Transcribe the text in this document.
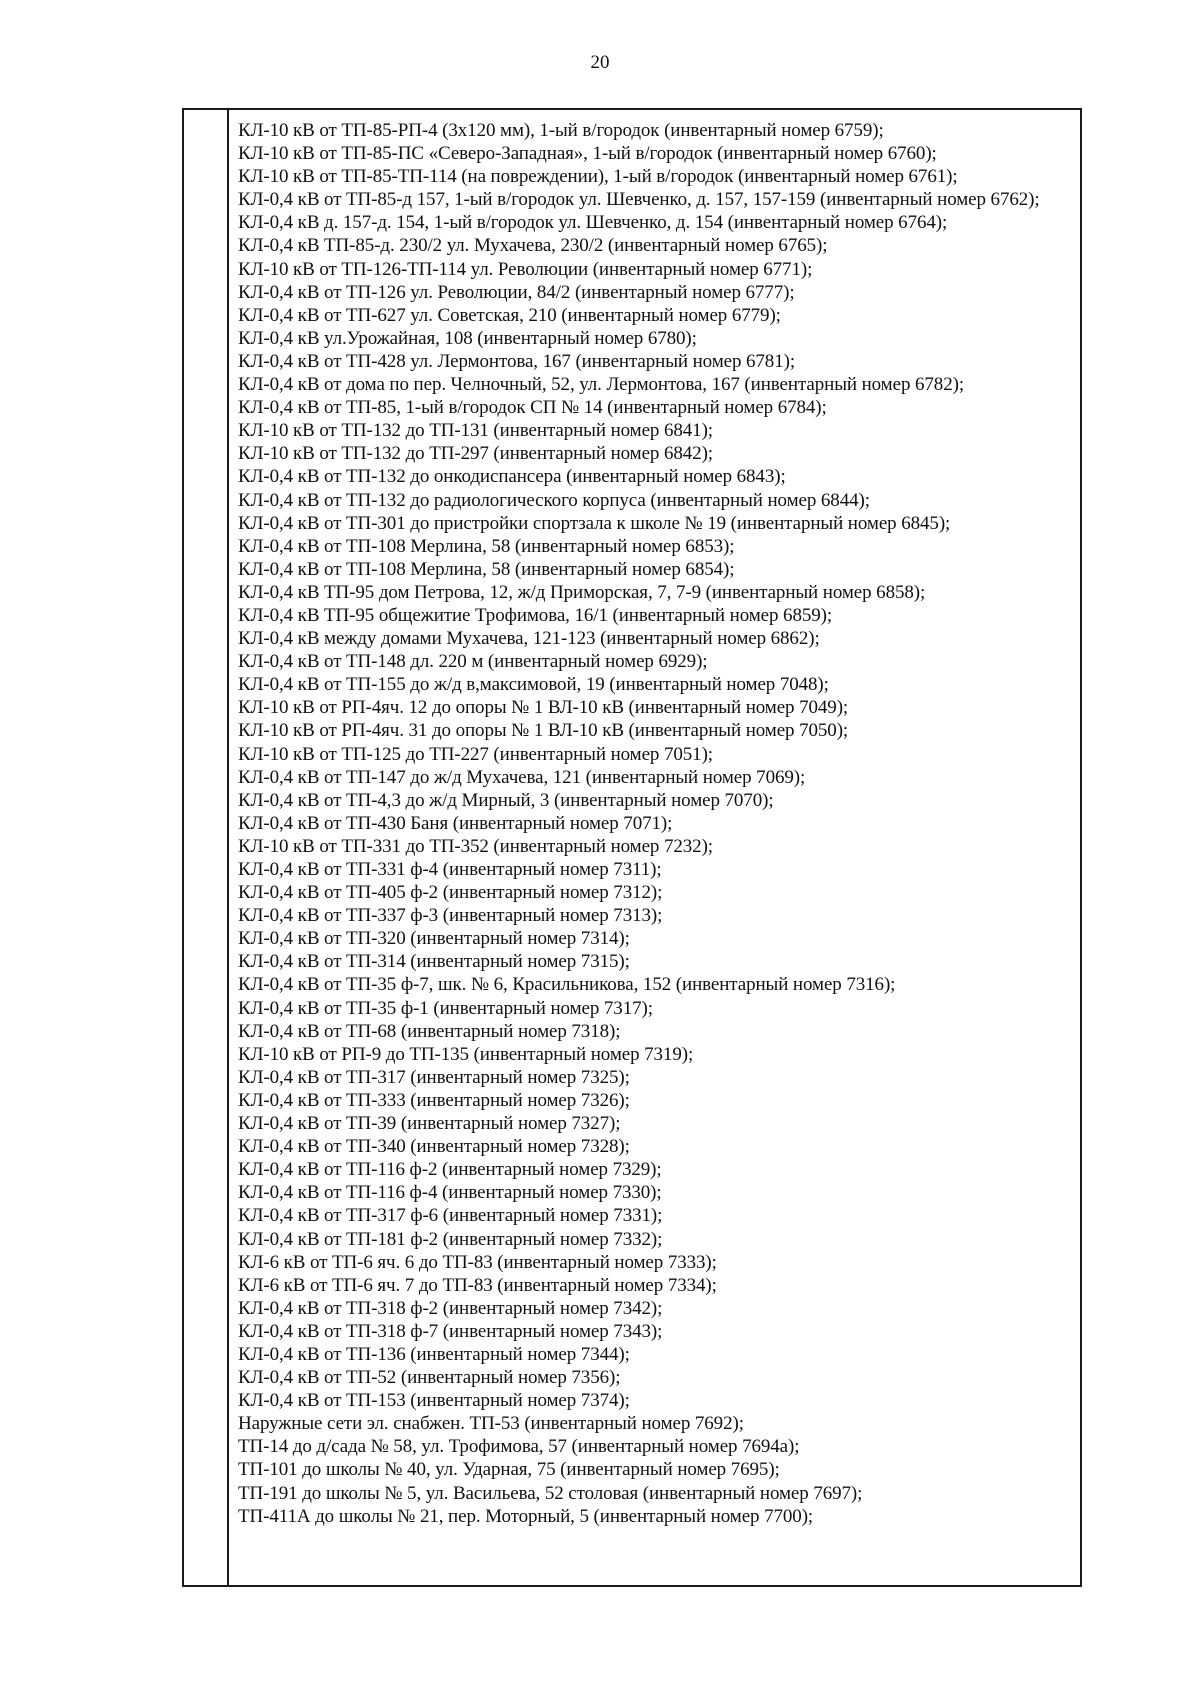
20
КЛ-10 кВ от ТП-85-РП-4 (3х120 мм), 1-ый в/городок (инвентарный номер 6759);
КЛ-10 кВ от ТП-85-ПС «Северо-Западная», 1-ый в/городок (инвентарный номер 6760);
КЛ-10 кВ от ТП-85-ТП-114 (на повреждении), 1-ый в/городок (инвентарный номер 6761);
КЛ-0,4 кВ от ТП-85-д 157, 1-ый в/городок ул. Шевченко, д. 157, 157-159 (инвентарный номер 6762);
КЛ-0,4 кВ д. 157-д. 154, 1-ый в/городок ул. Шевченко, д. 154 (инвентарный номер 6764);
КЛ-0,4 кВ ТП-85-д. 230/2 ул. Мухачева, 230/2 (инвентарный номер 6765);
КЛ-10 кВ от ТП-126-ТП-114 ул. Революции (инвентарный номер 6771);
КЛ-0,4 кВ от ТП-126 ул. Революции, 84/2 (инвентарный номер 6777);
КЛ-0,4 кВ от ТП-627 ул. Советская, 210 (инвентарный номер 6779);
КЛ-0,4 кВ ул.Урожайная, 108 (инвентарный номер 6780);
КЛ-0,4 кВ от ТП-428 ул. Лермонтова, 167 (инвентарный номер 6781);
КЛ-0,4 кВ от дома по пер. Челночный, 52, ул. Лермонтова, 167 (инвентарный номер 6782);
КЛ-0,4 кВ от ТП-85, 1-ый в/городок СП № 14 (инвентарный номер 6784);
КЛ-10 кВ от ТП-132 до ТП-131 (инвентарный номер 6841);
КЛ-10 кВ от ТП-132 до ТП-297 (инвентарный номер 6842);
КЛ-0,4 кВ от ТП-132 до онкодиспансера (инвентарный номер 6843);
КЛ-0,4 кВ от ТП-132 до радиологического корпуса (инвентарный номер 6844);
КЛ-0,4 кВ от ТП-301 до пристройки спортзала к школе № 19 (инвентарный номер 6845);
КЛ-0,4 кВ от ТП-108 Мерлина, 58 (инвентарный номер 6853);
КЛ-0,4 кВ от ТП-108 Мерлина, 58 (инвентарный номер 6854);
КЛ-0,4 кВ ТП-95 дом Петрова, 12, ж/д Приморская, 7, 7-9 (инвентарный номер 6858);
КЛ-0,4 кВ ТП-95 общежитие Трофимова, 16/1 (инвентарный номер 6859);
КЛ-0,4 кВ между домами Мухачева, 121-123 (инвентарный номер 6862);
КЛ-0,4 кВ от ТП-148 дл. 220 м (инвентарный номер 6929);
КЛ-0,4 кВ от ТП-155 до ж/д в,максимовой, 19 (инвентарный номер 7048);
КЛ-10 кВ от РП-4яч. 12 до опоры № 1 ВЛ-10 кВ (инвентарный номер 7049);
КЛ-10 кВ от РП-4яч. 31 до опоры № 1 ВЛ-10 кВ (инвентарный номер 7050);
КЛ-10 кВ от ТП-125 до ТП-227 (инвентарный номер 7051);
КЛ-0,4 кВ от ТП-147 до ж/д Мухачева, 121 (инвентарный номер 7069);
КЛ-0,4 кВ от ТП-4,3 до ж/д Мирный, 3 (инвентарный номер 7070);
КЛ-0,4 кВ от ТП-430 Баня (инвентарный номер 7071);
КЛ-10 кВ от ТП-331 до ТП-352 (инвентарный номер 7232);
КЛ-0,4 кВ от ТП-331 ф-4 (инвентарный номер 7311);
КЛ-0,4 кВ от ТП-405 ф-2 (инвентарный номер 7312);
КЛ-0,4 кВ от ТП-337 ф-3 (инвентарный номер 7313);
КЛ-0,4 кВ от ТП-320 (инвентарный номер 7314);
КЛ-0,4 кВ от ТП-314 (инвентарный номер 7315);
КЛ-0,4 кВ от ТП-35 ф-7, шк. № 6, Красильникова, 152 (инвентарный номер 7316);
КЛ-0,4 кВ от ТП-35 ф-1 (инвентарный номер 7317);
КЛ-0,4 кВ от ТП-68 (инвентарный номер 7318);
КЛ-10 кВ от РП-9 до ТП-135 (инвентарный номер 7319);
КЛ-0,4 кВ от ТП-317 (инвентарный номер 7325);
КЛ-0,4 кВ от ТП-333 (инвентарный номер 7326);
КЛ-0,4 кВ от ТП-39 (инвентарный номер 7327);
КЛ-0,4 кВ от ТП-340 (инвентарный номер 7328);
КЛ-0,4 кВ от ТП-116 ф-2 (инвентарный номер 7329);
КЛ-0,4 кВ от ТП-116 ф-4 (инвентарный номер 7330);
КЛ-0,4 кВ от ТП-317 ф-6 (инвентарный номер 7331);
КЛ-0,4 кВ от ТП-181 ф-2 (инвентарный номер 7332);
КЛ-6 кВ от ТП-6 яч. 6 до ТП-83 (инвентарный номер 7333);
КЛ-6 кВ от ТП-6 яч. 7 до ТП-83 (инвентарный номер 7334);
КЛ-0,4 кВ от ТП-318 ф-2 (инвентарный номер 7342);
КЛ-0,4 кВ от ТП-318 ф-7 (инвентарный номер 7343);
КЛ-0,4 кВ от ТП-136 (инвентарный номер 7344);
КЛ-0,4 кВ от ТП-52 (инвентарный номер 7356);
КЛ-0,4 кВ от ТП-153 (инвентарный номер 7374);
Наружные сети эл. снабжен. ТП-53 (инвентарный номер 7692);
ТП-14 до д/сада № 58, ул. Трофимова, 57 (инвентарный номер 7694а);
ТП-101 до школы № 40, ул. Ударная, 75 (инвентарный номер 7695);
ТП-191 до школы № 5, ул. Васильева, 52 столовая (инвентарный номер 7697);
ТП-411А до школы № 21, пер. Моторный, 5 (инвентарный номер 7700);
